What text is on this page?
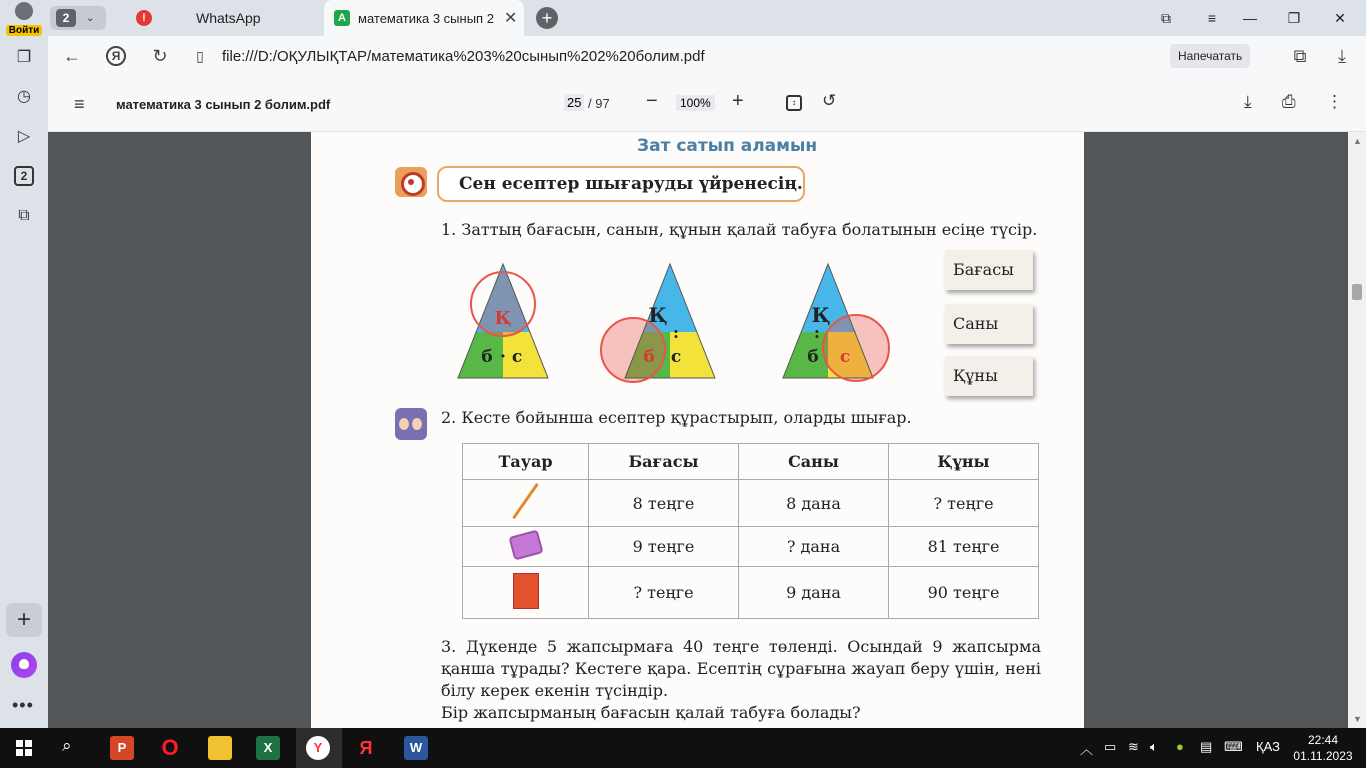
Войти
❐
◷
▷
2
⧉
+
•••
2	⌄	!	WhatsApp	A математика 3 сынып 2 ✕	+	⧉	≡	—	❐	✕
←	Я	↻	▯	file:///D:/ОҚУЛЫҚТАР/математика%203%20сынып%202%20болим.pdf	Напечатать	⧉	⤓
≡ математика 3 сынып 2 болим.pdf	25 / 97 −	100% +	↕	↺	⤓ ⎙ ⋮
Зат сатып аламын
Сен есептер шығаруды үйренесің.
1. Заттың бағасын, санын, құнын қалай табуға болатынын есіңе түсір.
Қ
б · с
Қ
:
б с
Қ
:
б с
Бағасы
Саны
Құны
2. Кесте бойынша есептер құрастырып, оларды шығар.
Тауар	Бағасы	Саны	Құны
	8 теңге	8 дана	? теңге
	9 теңге	? дана	81 теңге
	? теңге	9 дана	90 теңге
3. Дүкенде 5 жапсырмаға 40 теңге төленді. Осындай 9 жапсырма қанша тұрады? Кестеге қара. Есептің сұрағына жауап беру үшін, нені білу керек екенін түсіндір.
Бір жапсырманың бағасын қалай табуға болады?
▲
▼
⌕	P	O	X	Y	Я	W	︿ ▭ ≋ 🔈︎ ● ▤ ⌨︎ ҚАЗ	22:44
01.11.2023
